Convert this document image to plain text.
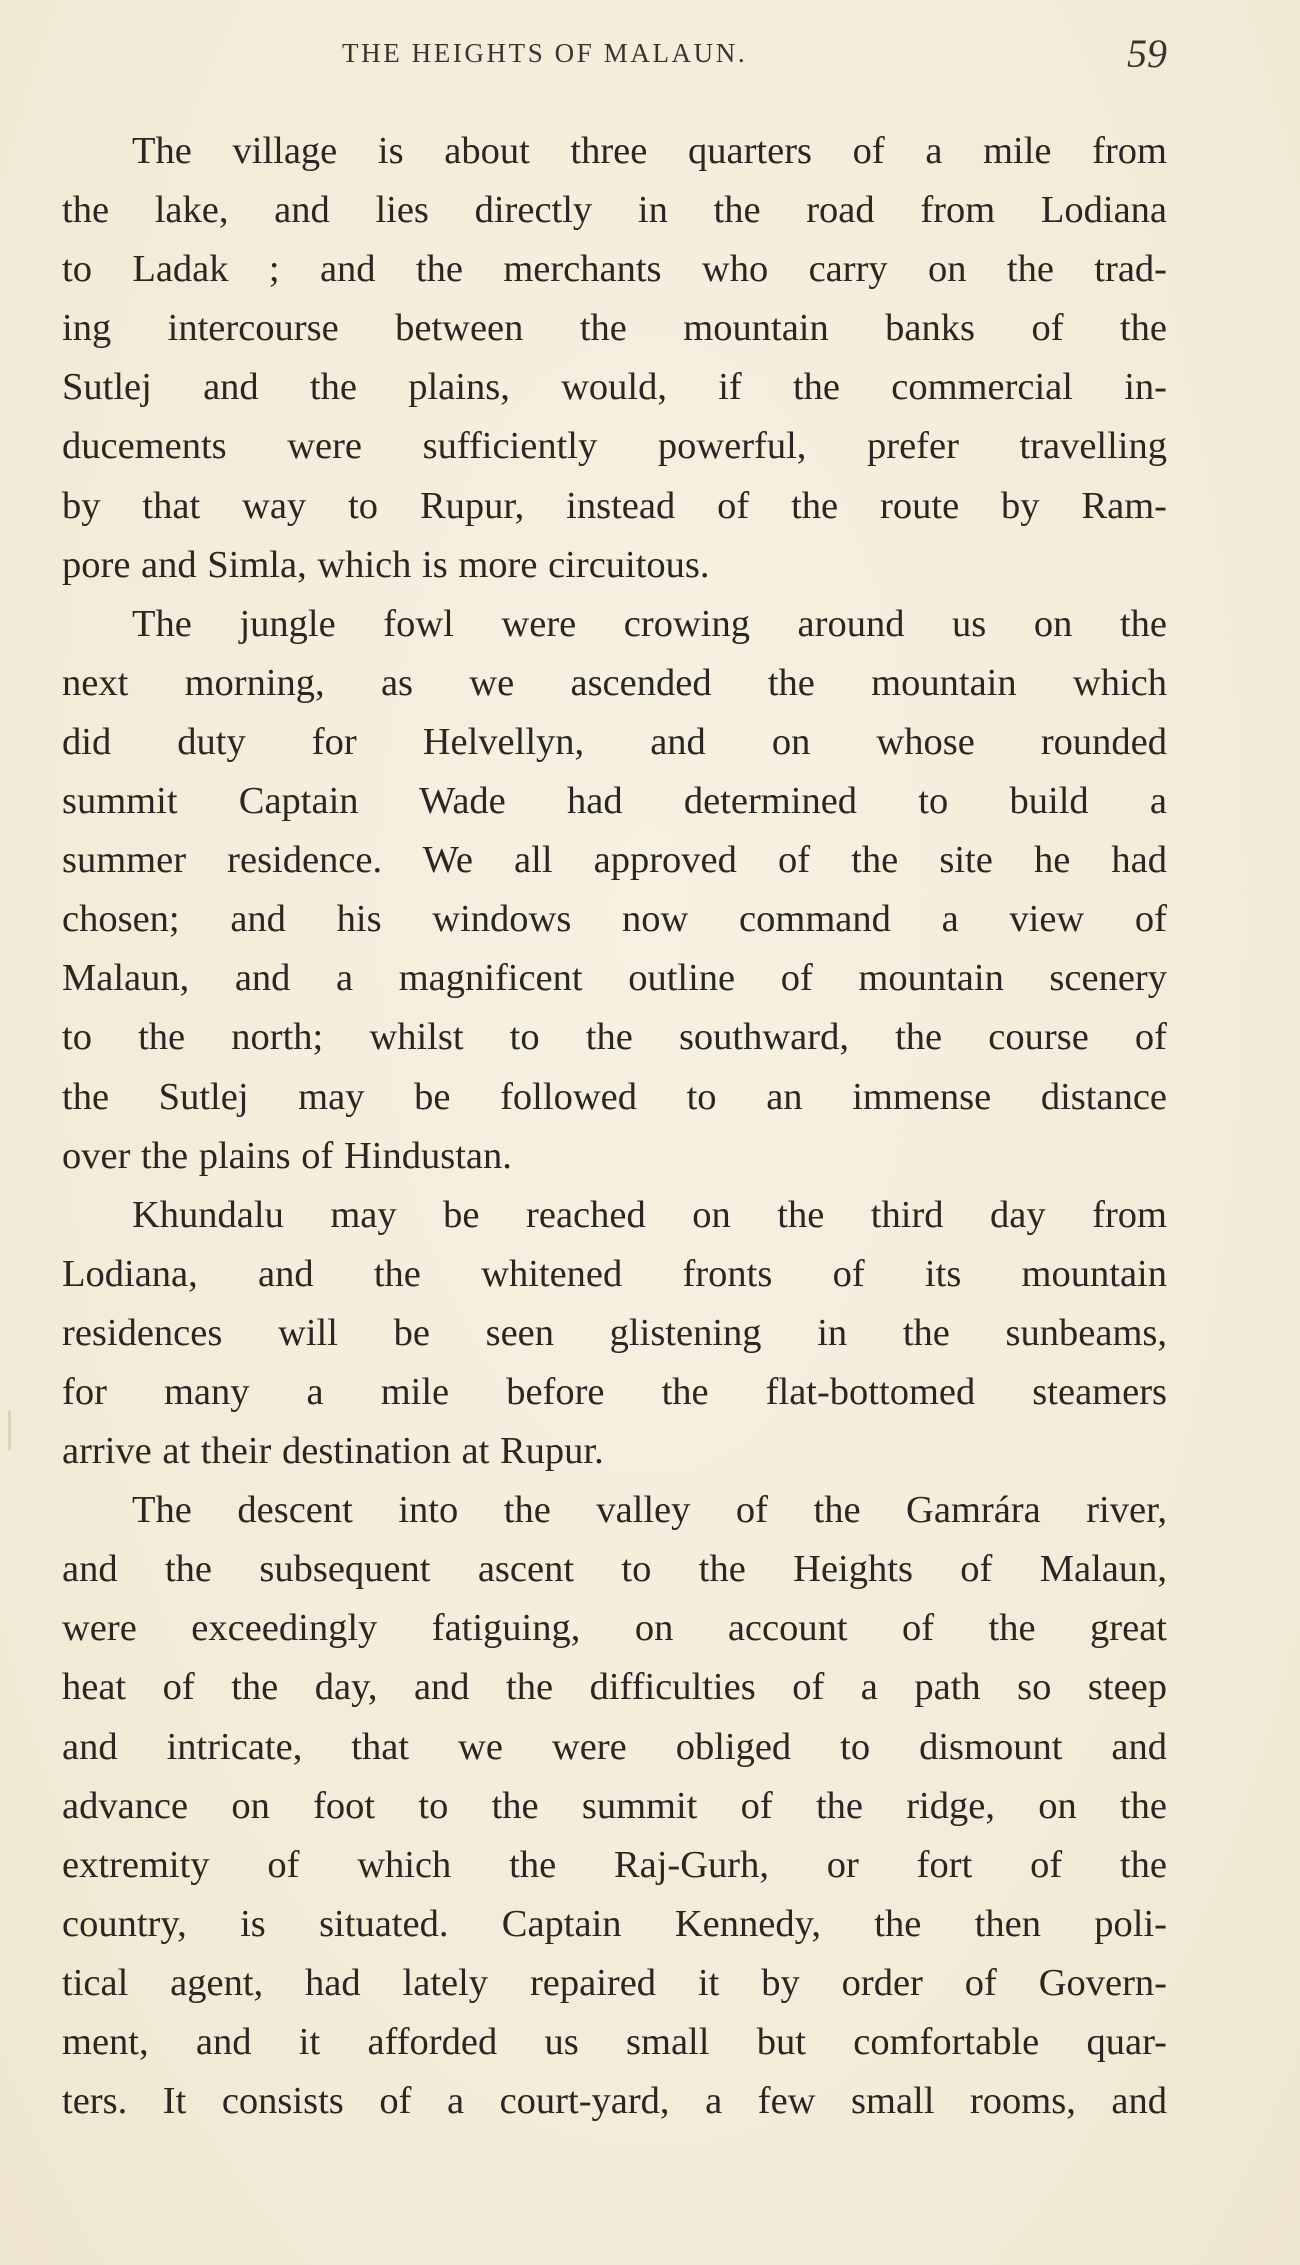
THE HEIGHTS OF MALAUN.	59
The village is about three quarters of a mile from
the lake, and lies directly in the road from Lodiana
to Ladak ; and the merchants who carry on the trad-
ing intercourse between the mountain banks of the
Sutlej and the plains, would, if the commercial in-
ducements were sufficiently powerful, prefer travelling
by that way to Rupur, instead of the route by Ram-
pore and Simla, which is more circuitous.
The jungle fowl were crowing around us on the
next morning, as we ascended the mountain which
did duty for Helvellyn, and on whose rounded
summit Captain Wade had determined to build a
summer residence. We all approved of the site he had
chosen; and his windows now command a view of
Malaun, and a magnificent outline of mountain scenery
to the north; whilst to the southward, the course of
the Sutlej may be followed to an immense distance
over the plains of Hindustan.
Khundalu may be reached on the third day from
Lodiana, and the whitened fronts of its mountain
residences will be seen glistening in the sunbeams,
for many a mile before the flat-bottomed steamers
arrive at their destination at Rupur.
The descent into the valley of the Gamrára river,
and the subsequent ascent to the Heights of Malaun,
were exceedingly fatiguing, on account of the great
heat of the day, and the difficulties of a path so steep
and intricate, that we were obliged to dismount and
advance on foot to the summit of the ridge, on the
extremity of which the Raj-Gurh, or fort of the
country, is situated. Captain Kennedy, the then poli-
tical agent, had lately repaired it by order of Govern-
ment, and it afforded us small but comfortable quar-
ters. It consists of a court-yard, a few small rooms, and
